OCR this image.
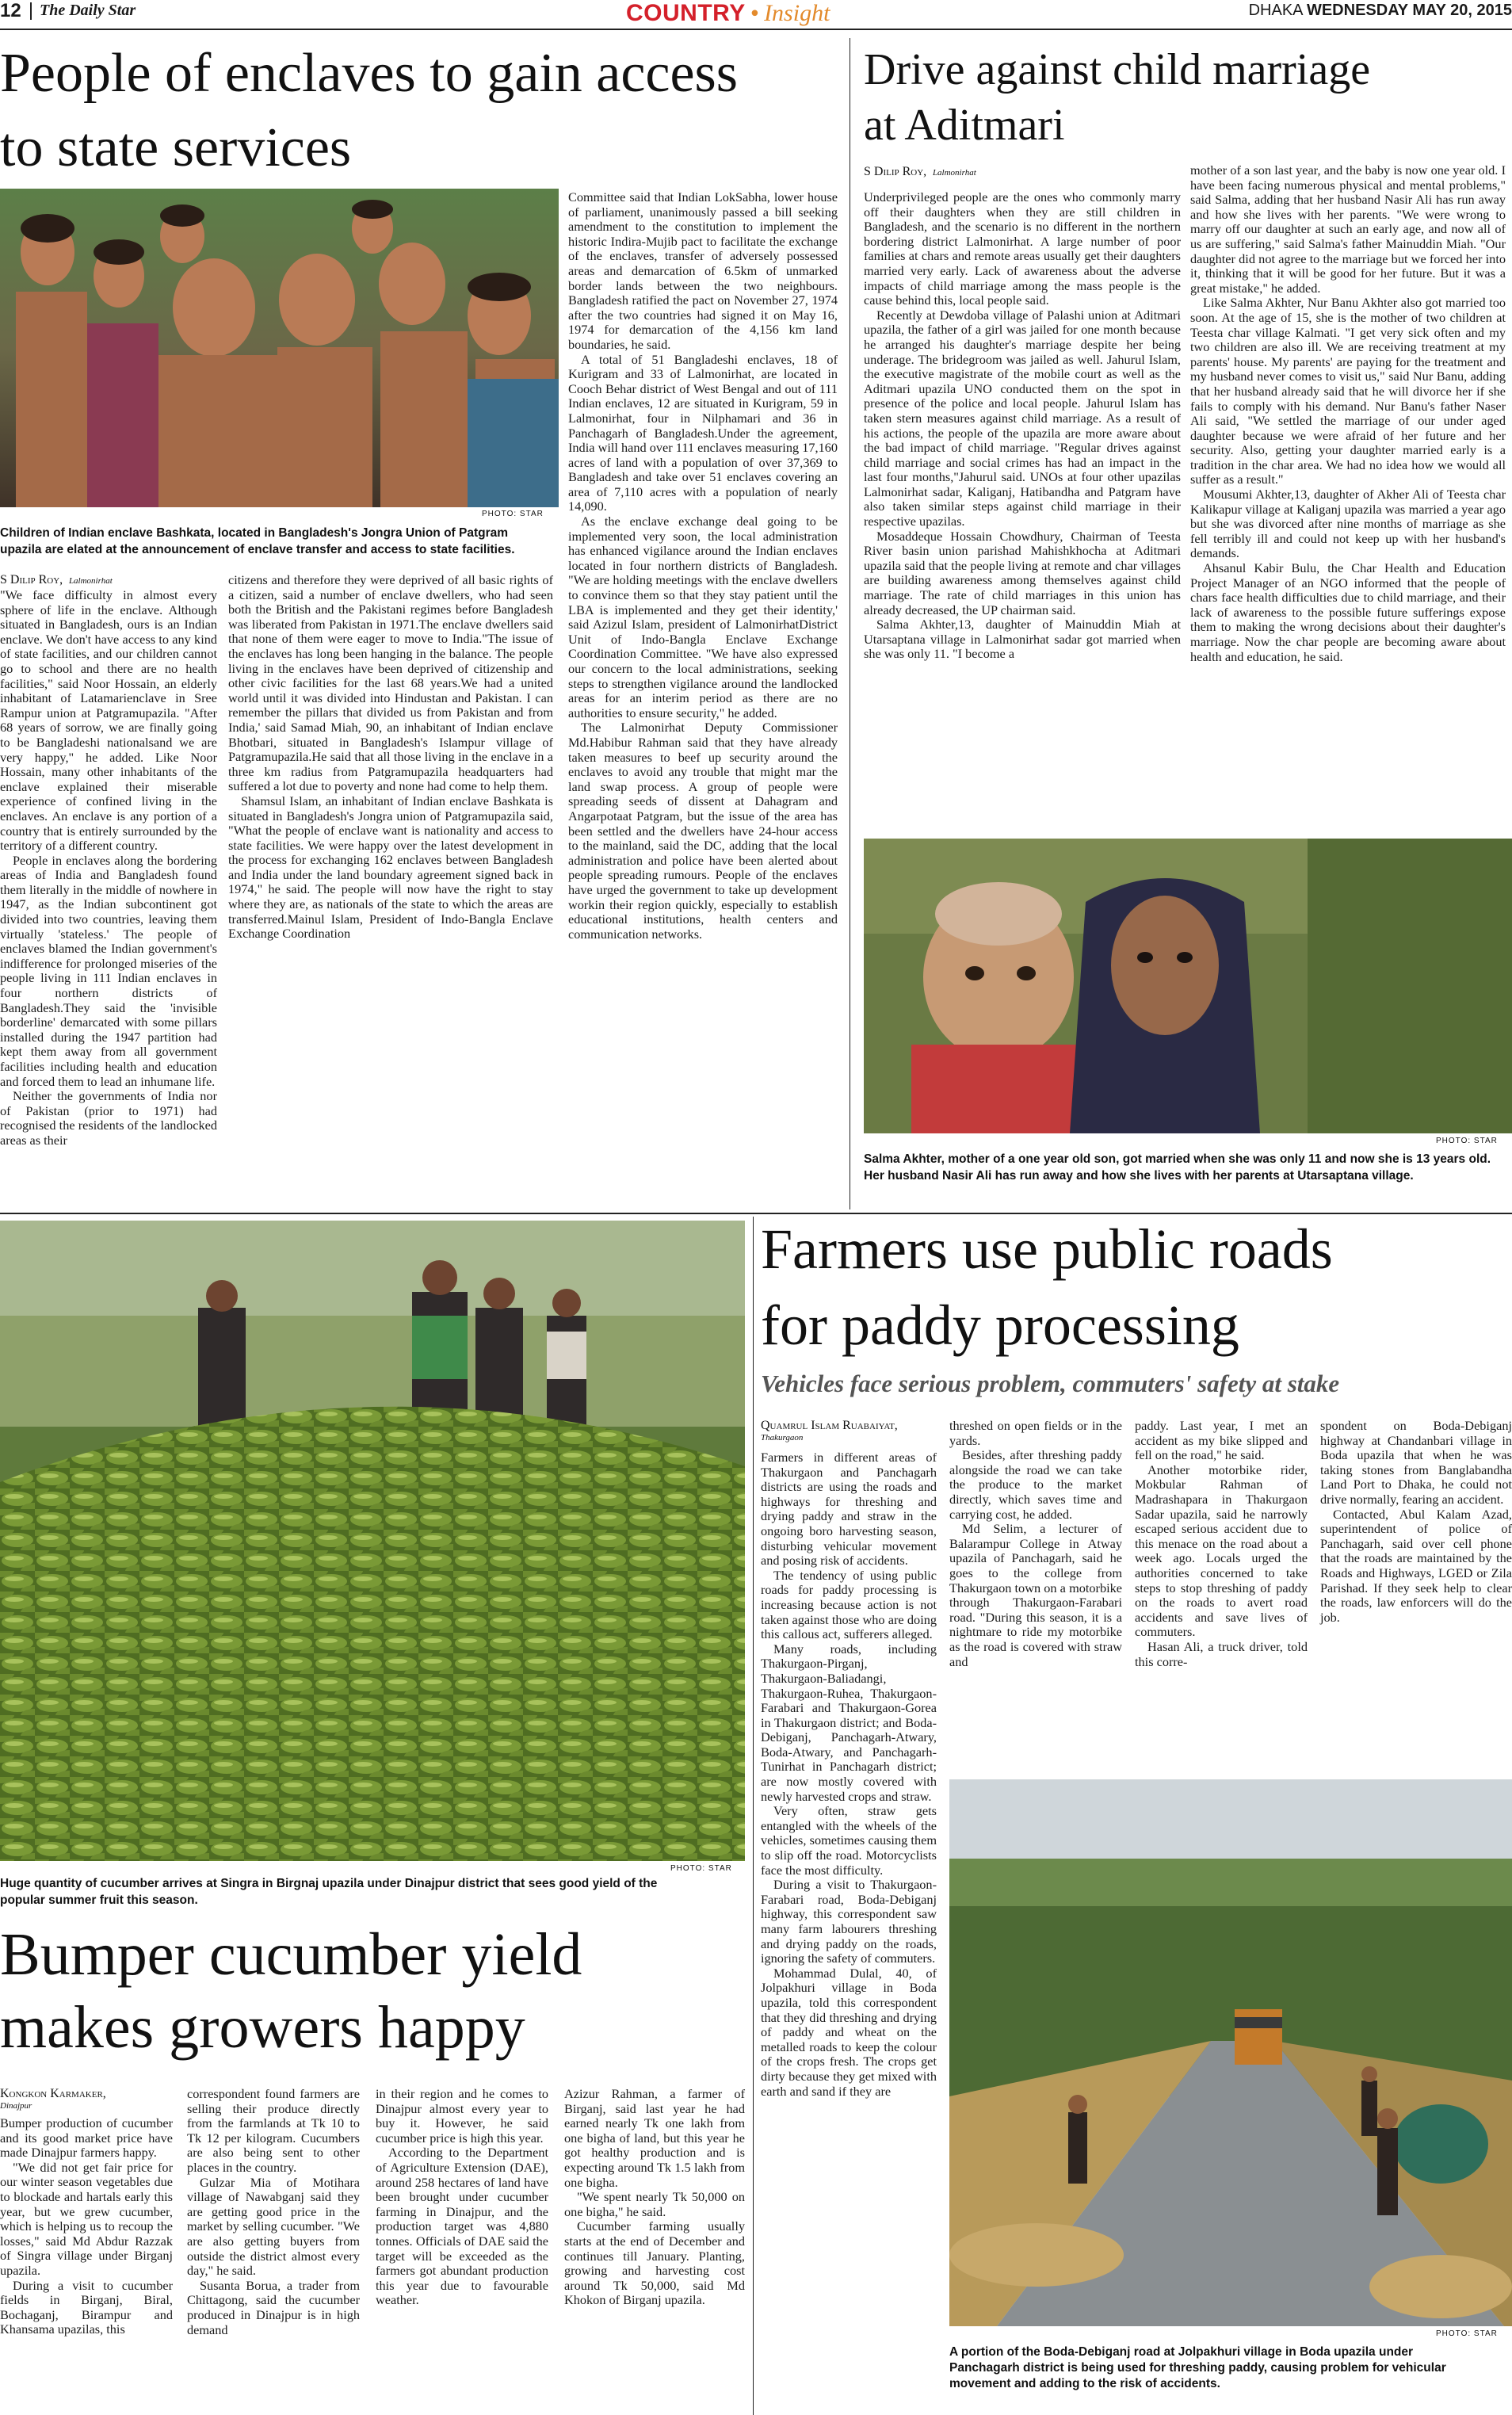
12 The Daily Star	COUNTRY • Insight	DHAKA WEDNESDAY MAY 20, 2015
People of enclaves to gain access
to state services
PHOTO: STAR
Children of Indian enclave Bashkata, located in Bangladesh's Jongra Union of Patgram
upazila are elated at the announcement of enclave transfer and access to state facilities.
S Dilip Roy, Lalmonirhat

"We face difficulty in almost every sphere of life in the enclave. Although situated in Bangladesh, ours is an Indian enclave. We don't have access to any kind of state facilities, and our children cannot go to school and there are no health facilities," said Noor Hossain, an elderly inhabitant of Latamarienclave in Sree Rampur union at Patgramupazila. "After 68 years of sorrow, we are finally going to be Bangladeshi nationalsand we are very happy," he added. Like Noor Hossain, many other inhabitants of the enclave explained their miserable experience of confined living in the enclaves. An enclave is any portion of a country that is entirely surrounded by the territory of a different country.

People in enclaves along the bordering areas of India and Bangladesh found them literally in the middle of nowhere in 1947, as the Indian subcontinent got divided into two countries, leaving them virtually 'stateless.' The people of enclaves blamed the Indian government's indifference for prolonged miseries of the people living in 111 Indian enclaves in four northern districts of Bangladesh.They said the 'invisible borderline' demarcated with some pillars installed during the 1947 partition had kept them away from all government facilities including health and education and forced them to lead an inhumane life.

Neither the governments of India nor of Pakistan (prior to 1971) had recognised the residents of the landlocked areas as their

citizens and therefore they were deprived of all basic rights of a citizen, said a number of enclave dwellers, who had seen both the British and the Pakistani regimes before Bangladesh was liberated from Pakistan in 1971.The enclave dwellers said that none of them were eager to move to India."The issue of the enclaves has long been hanging in the balance. The people living in the enclaves have been deprived of citizenship and other civic facilities for the last 68 years.We had a united world until it was divided into Hindustan and Pakistan. I can remember the pillars that divided us from Pakistan and from India,' said Samad Miah, 90, an inhabitant of Indian enclave Bhotbari, situated in Bangladesh's Islampur village of Patgramupazila.He said that all those living in the enclave in a three km radius from Patgramupazila headquarters had suffered a lot due to poverty and none had come to help them.

Shamsul Islam, an inhabitant of Indian enclave Bashkata is situated in Bangladesh's Jongra union of Patgramupazila said, "What the people of enclave want is nationality and access to state facilities. We were happy over the latest development in the process for exchanging 162 enclaves between Bangladesh and India under the land boundary agreement signed back in 1974," he said. The people will now have the right to stay where they are, as nationals of the state to which the areas are transferred.Mainul Islam, President of Indo-Bangla Enclave Exchange Coordination

Committee said that Indian LokSabha, lower house of parliament, unanimously passed a bill seeking amendment to the constitution to implement the historic Indira-Mujib pact to facilitate the exchange of the enclaves, transfer of adversely possessed areas and demarcation of 6.5km of unmarked border lands between the two neighbours. Bangladesh ratified the pact on November 27, 1974 after the two countries had signed it on May 16, 1974 for demarcation of the 4,156 km land boundaries, he said.

A total of 51 Bangladeshi enclaves, 18 of Kurigram and 33 of Lalmonirhat, are located in Cooch Behar district of West Bengal and out of 111 Indian enclaves, 12 are situated in Kurigram, 59 in Lalmonirhat, four in Nilphamari and 36 in Panchagarh of Bangladesh.Under the agreement, India will hand over 111 enclaves measuring 17,160 acres of land with a population of over 37,369 to Bangladesh and take over 51 enclaves covering an area of 7,110 acres with a population of nearly 14,090.

As the enclave exchange deal going to be implemented very soon, the local administration has enhanced vigilance around the Indian enclaves located in four northern districts of Bangladesh. "We are holding meetings with the enclave dwellers to convince them so that they stay patient until the LBA is implemented and they get their identity,' said Azizul Islam, president of LalmonirhatDistrict Unit of Indo-Bangla Enclave Exchange Coordination Committee. "We have also expressed our concern to the local administrations, seeking steps to strengthen vigilance around the landlocked areas for an interim period as there are no authorities to ensure security," he added.

The Lalmonirhat Deputy Commissioner Md.Habibur Rahman said that they have already taken measures to beef up security around the enclaves to avoid any trouble that might mar the land swap process. A group of people were spreading seeds of dissent at Dahagram and Angarpotaat Patgram, but the issue of the area has been settled and the dwellers have 24-hour access to the mainland, said the DC, adding that the local administration and police have been alerted about people spreading rumours. People of the enclaves have urged the government to take up development workin their region quickly, especially to establish educational institutions, health centers and communication networks.

Drive against child marriage
at Aditmari
S Dilip Roy, Lalmonirhat

Underprivileged people are the ones who commonly marry off their daughters when they are still children in Bangladesh, and the scenario is no different in the northern bordering district Lalmonirhat. A large number of poor families at chars and remote areas usually get their daughters married very early. Lack of awareness about the adverse impacts of child marriage among the mass people is the cause behind this, local people said.

Recently at Dewdoba village of Palashi union at Aditmari upazila, the father of a girl was jailed for one month because he arranged his daughter's marriage despite her being underage. The bridegroom was jailed as well. Jahurul Islam, the executive magistrate of the mobile court as well as the Aditmari upazila UNO conducted them on the spot in presence of the police and local people. Jahurul Islam has taken stern measures against child marriage. As a result of his actions, the people of the upazila are more aware about the bad impact of child marriage. "Regular drives against child marriage and social crimes has had an impact in the last four months,"Jahurul said. UNOs at four other upazilas Lalmonirhat sadar, Kaliganj, Hatibandha and Patgram have also taken similar steps against child marriage in their respective upazilas.

Mosaddeque Hossain Chowdhury, Chairman of Teesta River basin union parishad Mahishkhocha at Aditmari upazila said that the people living at remote and char villages are building awareness among themselves against child marriage. The rate of child marriages in this union has already decreased, the UP chairman said.

Salma Akhter,13, daughter of Mainuddin Miah at Utarsaptana village in Lalmonirhat sadar got married when she was only 11. "I become a

mother of a son last year, and the baby is now one year old. I have been facing numerous physical and mental problems," said Salma, adding that her husband Nasir Ali has run away and how she lives with her parents. "We were wrong to marry off our daughter at such an early age, and now all of us are suffering," said Salma's father Mainuddin Miah. "Our daughter did not agree to the marriage but we forced her into it, thinking that it will be good for her future. But it was a great mistake," he added.

Like Salma Akhter, Nur Banu Akhter also got married too soon. At the age of 15, she is the mother of two children at Teesta char village Kalmati. "I get very sick often and my two children are also ill. We are receiving treatment at my parents' house. My parents' are paying for the treatment and my husband never comes to visit us," said Nur Banu, adding that her husband already said that he will divorce her if she fails to comply with his demand. Nur Banu's father Naser Ali said, "We settled the marriage of our under aged daughter because we were afraid of her future and her security. Also, getting your daughter married early is a tradition in the char area. We had no idea how we would all suffer as a result."

Mousumi Akhter,13, daughter of Akher Ali of Teesta char Kalikapur village at Kaliganj upazila was married a year ago but she was divorced after nine months of marriage as she fell terribly ill and could not keep up with her husband's demands.

Ahsanul Kabir Bulu, the Char Health and Education Project Manager of an NGO informed that the people of chars face health difficulties due to child marriage, and their lack of awareness to the possible future sufferings expose them to making the wrong decisions about their daughter's marriage. Now the char people are becoming aware about health and education, he said.

PHOTO: STAR
Salma Akhter, mother of a one year old son, got married when she was only 11 and now she is 13 years old.
Her husband Nasir Ali has run away and how she lives with her parents at Utarsaptana village.
PHOTO: STAR
Huge quantity of cucumber arrives at Singra in Birgnaj upazila under Dinajpur district that sees good yield of the
popular summer fruit this season.
Bumper cucumber yield
makes growers happy
Kongkon Karmaker,
Dinajpur

Bumper production of cucumber and its good market price have made Dinajpur farmers happy.

"We did not get fair price for our winter season vegetables due to blockade and hartals early this year, but we grew cucumber, which is helping us to recoup the losses," said Md Abdur Razzak of Singra village under Birganj upazila.

During a visit to cucumber fields in Birganj, Biral, Bochaganj, Birampur and Khansama upazilas, this

correspondent found farmers are selling their produce directly from the farmlands at Tk 10 to Tk 12 per kilogram. Cucumbers are also being sent to other places in the country.

Gulzar Mia of Motihara village of Nawabganj said they are getting good price in the market by selling cucumber. "We are also getting buyers from outside the district almost every day," he said.

Susanta Borua, a trader from Chittagong, said the cucumber produced in Dinajpur is in high demand

in their region and he comes to Dinajpur almost every year to buy it. However, he said cucumber price is high this year.

According to the Department of Agriculture Extension (DAE), around 258 hectares of land have been brought under cucumber farming in Dinajpur, and the production target was 4,880 tonnes. Officials of DAE said the target will be exceeded as the farmers got abundant production this year due to favourable weather.

Azizur Rahman, a farmer of Birganj, said last year he had earned nearly Tk one lakh from one bigha of land, but this year he got healthy production and is expecting around Tk 1.5 lakh from one bigha.

"We spent nearly Tk 50,000 on one bigha," he said.

Cucumber farming usually starts at the end of December and continues till January. Planting, growing and harvesting cost around Tk 50,000, said Md Khokon of Birganj upazila.

Farmers use public roads
for paddy processing
Vehicles face serious problem, commuters' safety at stake
Quamrul Islam Ruabaiyat,
Thakurgaon

Farmers in different areas of Thakurgaon and Panchagarh districts are using the roads and highways for threshing and drying paddy and straw in the ongoing boro harvesting season, disturbing vehicular movement and posing risk of accidents.

The tendency of using public roads for paddy processing is increasing because action is not taken against those who are doing this callous act, sufferers alleged.

Many roads, including Thakurgaon-Pirganj, Thakurgaon-Baliadangi, Thakurgaon-Ruhea, Thakurgaon-Farabari and Thakurgaon-Gorea in Thakurgaon district; and Boda-Debiganj, Panchagarh-Atwary, Boda-Atwary, and Panchagarh-Tunirhat in Panchagarh district; are now mostly covered with newly harvested crops and straw.

Very often, straw gets entangled with the wheels of the vehicles, sometimes causing them to slip off the road. Motorcyclists face the most difficulty.

During a visit to Thakurgaon-Farabari road, Boda-Debiganj highway, this correspondent saw many farm labourers threshing and drying paddy on the roads, ignoring the safety of commuters.

Mohammad Dulal, 40, of Jolpakhuri village in Boda upazila, told this correspondent that they did threshing and drying of paddy and wheat on the metalled roads to keep the colour of the crops fresh. The crops get dirty because they get mixed with earth and sand if they are

threshed on open fields or in the yards.

Besides, after threshing paddy alongside the road we can take the produce to the market directly, which saves time and carrying cost, he added.

Md Selim, a lecturer of Balarampur College in Atway upazila of Panchagarh, said he goes to the college from Thakurgaon town on a motorbike through Thakurgaon-Farabari road. "During this season, it is a nightmare to ride my motorbike as the road is covered with straw and

paddy. Last year, I met an accident as my bike slipped and fell on the road," he said.

Another motorbike rider, Mokbular Rahman of Madrashapara in Thakurgaon Sadar upazila, said he narrowly escaped serious accident due to this menace on the road about a week ago. Locals urged the authorities concerned to take steps to stop threshing of paddy on the roads to avert road accidents and save lives of commuters.

Hasan Ali, a truck driver, told this corre-

spondent on Boda-Debiganj highway at Chandanbari village in Boda upazila that when he was taking stones from Banglabandha Land Port to Dhaka, he could not drive normally, fearing an accident.

Contacted, Abul Kalam Azad, superintendent of police of Panchagarh, said over cell phone that the roads are maintained by the Roads and Highways, LGED or Zila Parishad. If they seek help to clear the roads, law enforcers will do the job.

PHOTO: STAR
A portion of the Boda-Debiganj road at Jolpakhuri village in Boda upazila under
Panchagarh district is being used for threshing paddy, causing problem for vehicular
movement and adding to the risk of accidents.
